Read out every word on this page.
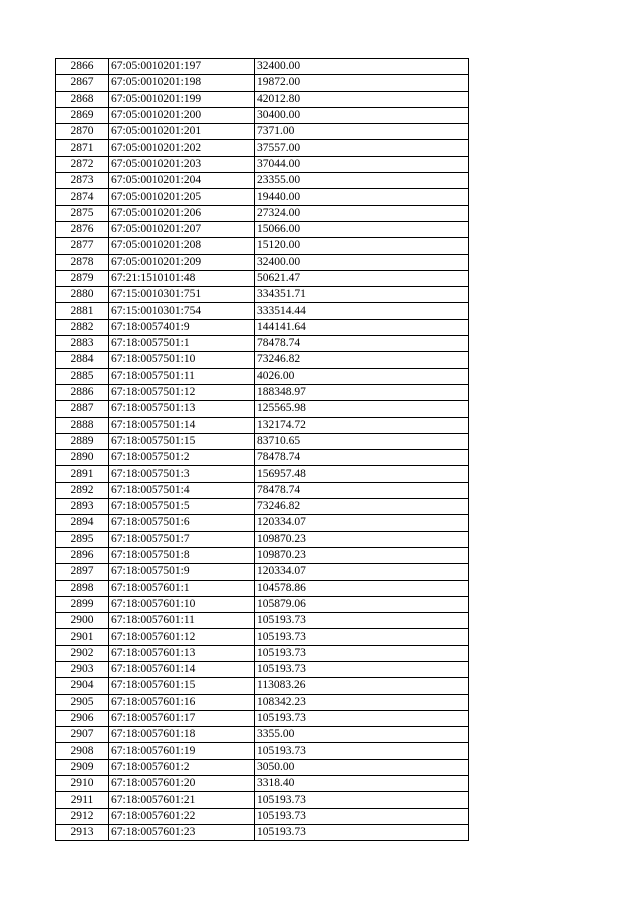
2866	67:05:0010201:197	32400.00
2867	67:05:0010201:198	19872.00
2868	67:05:0010201:199	42012.80
2869	67:05:0010201:200	30400.00
2870	67:05:0010201:201	7371.00
2871	67:05:0010201:202	37557.00
2872	67:05:0010201:203	37044.00
2873	67:05:0010201:204	23355.00
2874	67:05:0010201:205	19440.00
2875	67:05:0010201:206	27324.00
2876	67:05:0010201:207	15066.00
2877	67:05:0010201:208	15120.00
2878	67:05:0010201:209	32400.00
2879	67:21:1510101:48	50621.47
2880	67:15:0010301:751	334351.71
2881	67:15:0010301:754	333514.44
2882	67:18:0057401:9	144141.64
2883	67:18:0057501:1	78478.74
2884	67:18:0057501:10	73246.82
2885	67:18:0057501:11	4026.00
2886	67:18:0057501:12	188348.97
2887	67:18:0057501:13	125565.98
2888	67:18:0057501:14	132174.72
2889	67:18:0057501:15	83710.65
2890	67:18:0057501:2	78478.74
2891	67:18:0057501:3	156957.48
2892	67:18:0057501:4	78478.74
2893	67:18:0057501:5	73246.82
2894	67:18:0057501:6	120334.07
2895	67:18:0057501:7	109870.23
2896	67:18:0057501:8	109870.23
2897	67:18:0057501:9	120334.07
2898	67:18:0057601:1	104578.86
2899	67:18:0057601:10	105879.06
2900	67:18:0057601:11	105193.73
2901	67:18:0057601:12	105193.73
2902	67:18:0057601:13	105193.73
2903	67:18:0057601:14	105193.73
2904	67:18:0057601:15	113083.26
2905	67:18:0057601:16	108342.23
2906	67:18:0057601:17	105193.73
2907	67:18:0057601:18	3355.00
2908	67:18:0057601:19	105193.73
2909	67:18:0057601:2	3050.00
2910	67:18:0057601:20	3318.40
2911	67:18:0057601:21	105193.73
2912	67:18:0057601:22	105193.73
2913	67:18:0057601:23	105193.73
